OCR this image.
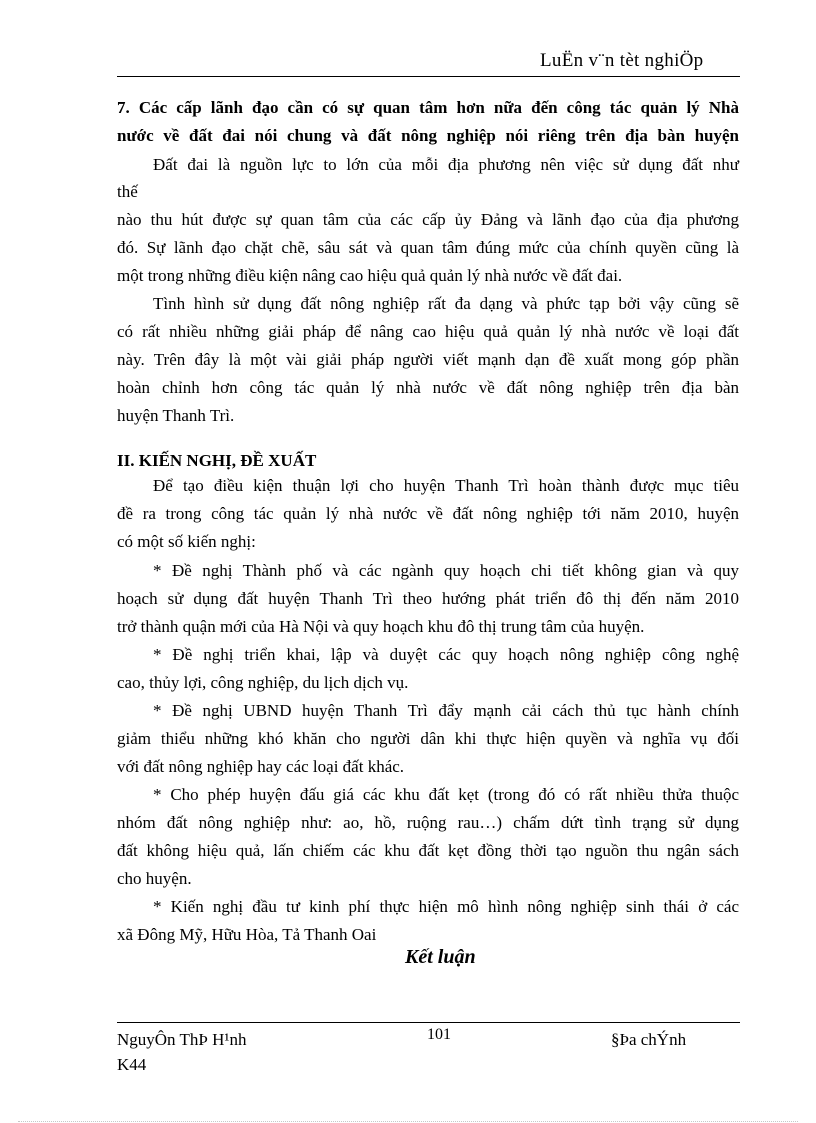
LuËn v¨n tèt nghiÖp
7. Các cấp lãnh đạo cần có sự quan tâm hơn nữa đến công tác quản lý Nhà
nước về đất đai nói chung và đất nông nghiệp nói riêng trên địa bàn huyện
Đất đai là nguồn lực to lớn của mỗi địa phương nên việc sử dụng đất như
thế
nào thu hút được sự quan tâm của các cấp ủy Đảng và lãnh đạo của địa phương
đó. Sự lãnh đạo chặt chẽ, sâu sát và quan tâm đúng mức của chính quyền cũng là
một trong những điều kiện nâng cao hiệu quả quản lý nhà nước về đất đai.
Tình hình sử dụng đất nông nghiệp rất đa dạng và phức tạp bởi vậy cũng sẽ
có rất nhiều những giải pháp để nâng cao hiệu quả quản lý nhà nước về loại đất
này. Trên đây là một vài giải pháp người viết mạnh dạn đề xuất mong góp phần
hoàn chỉnh hơn công tác quản lý nhà nước về đất nông nghiệp trên địa bàn
huyện Thanh Trì.
II. KIẾN NGHỊ, ĐỀ XUẤT
Để tạo điều kiện thuận lợi cho huyện Thanh Trì hoàn thành được mục tiêu
đề ra trong công tác quản lý nhà nước về đất nông nghiệp tới năm 2010, huyện
có một số kiến nghị:
* Đề nghị Thành phố và các ngành quy hoạch chi tiết không gian và quy
hoạch sử dụng đất huyện Thanh Trì theo hướng phát triển đô thị đến năm 2010
trở thành quận mới của Hà Nội và quy hoạch khu đô thị trung tâm của huyện.
* Đề nghị triển khai, lập và duyệt các quy hoạch nông nghiệp công nghệ
cao, thủy lợi, công nghiệp, du lịch dịch vụ.
* Đề nghị UBND huyện Thanh Trì đẩy mạnh cải cách thủ tục hành chính
giảm thiểu những khó khăn cho người dân khi thực hiện quyền và nghĩa vụ đối
với đất nông nghiệp hay các loại đất khác.
* Cho phép huyện đấu giá các khu đất kẹt (trong đó có rất nhiều thửa thuộc
nhóm đất nông nghiệp như: ao, hồ, ruộng rau…) chấm dứt tình trạng sử dụng
đất không hiệu quả, lấn chiếm các khu đất kẹt đồng thời tạo nguồn thu ngân sách
cho huyện.
* Kiến nghị đầu tư kinh phí thực hiện mô hình nông nghiệp sinh thái ở các
xã Đông Mỹ, Hữu Hòa, Tả Thanh Oai
Kết luận
NguyÔn ThÞ H¹nh
K44
101	§Þa chÝnh
